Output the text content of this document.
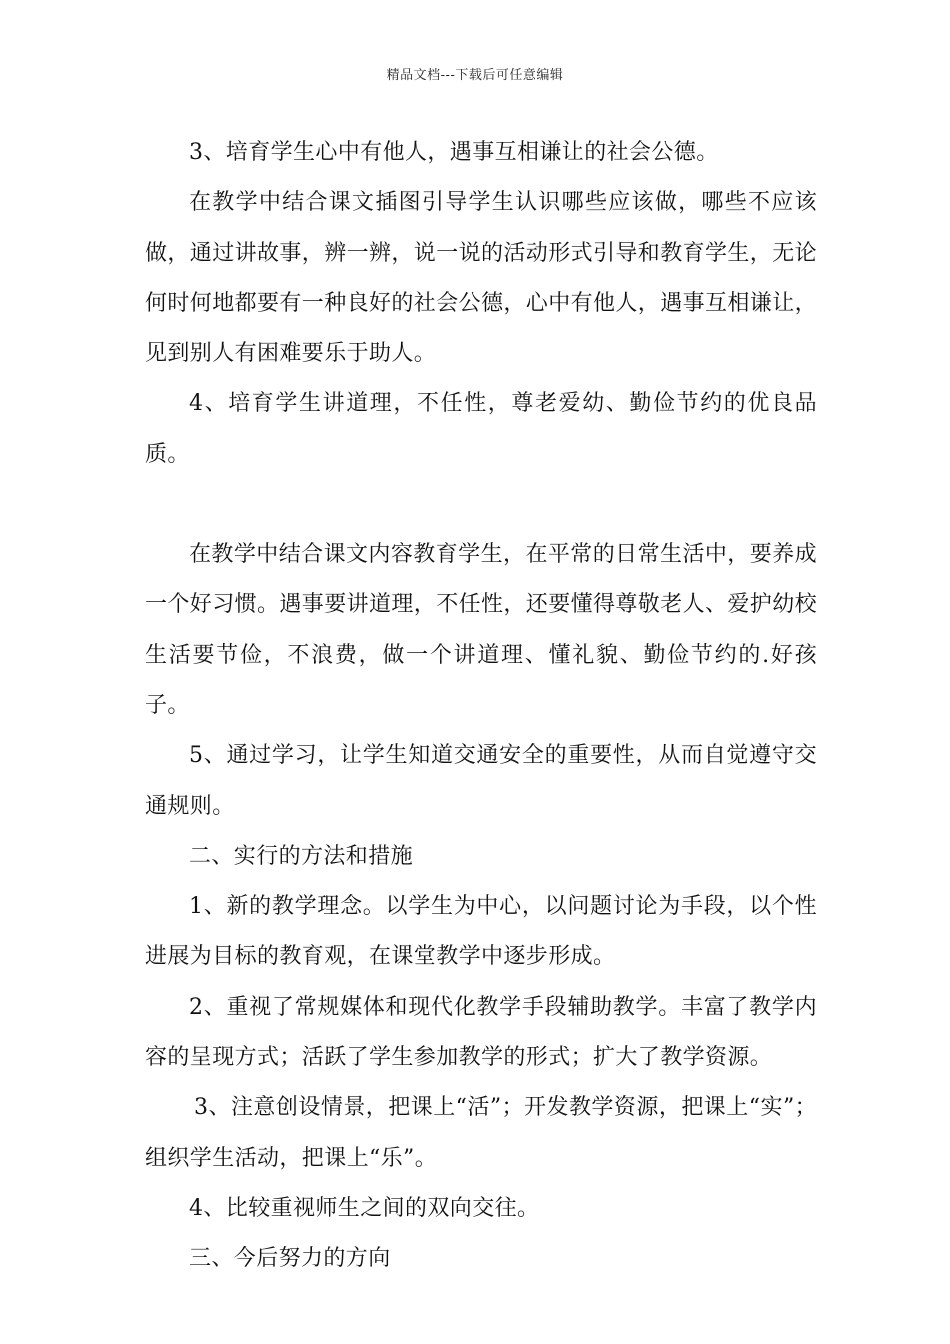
精品文档---下载后可任意编辑

3、培育学生心中有他人，遇事互相谦让的社会公德。

在教学中结合课文插图引导学生认识哪些应该做，哪些不应该做，通过讲故事，辨一辨，说一说的活动形式引导和教育学生，无论何时何地都要有一种良好的社会公德，心中有他人，遇事互相谦让，见到别人有困难要乐于助人。

4、培育学生讲道理，不任性，尊老爱幼、勤俭节约的优良品质。

在教学中结合课文内容教育学生，在平常的日常生活中，要养成一个好习惯。遇事要讲道理，不任性，还要懂得尊敬老人、爱护幼校生活要节俭，不浪费，做一个讲道理、懂礼貌、勤俭节约的.好孩子。

5、通过学习，让学生知道交通安全的重要性，从而自觉遵守交通规则。

二、实行的方法和措施

1、新的教学理念。以学生为中心，以问题讨论为手段，以个性进展为目标的教育观，在课堂教学中逐步形成。

2、重视了常规媒体和现代化教学手段辅助教学。丰富了教学内容的呈现方式；活跃了学生参加教学的形式；扩大了教学资源。

3、注意创设情景，把课上“活”；开发教学资源，把课上“实”；组织学生活动，把课上“乐”。

4、比较重视师生之间的双向交往。

三、今后努力的方向
